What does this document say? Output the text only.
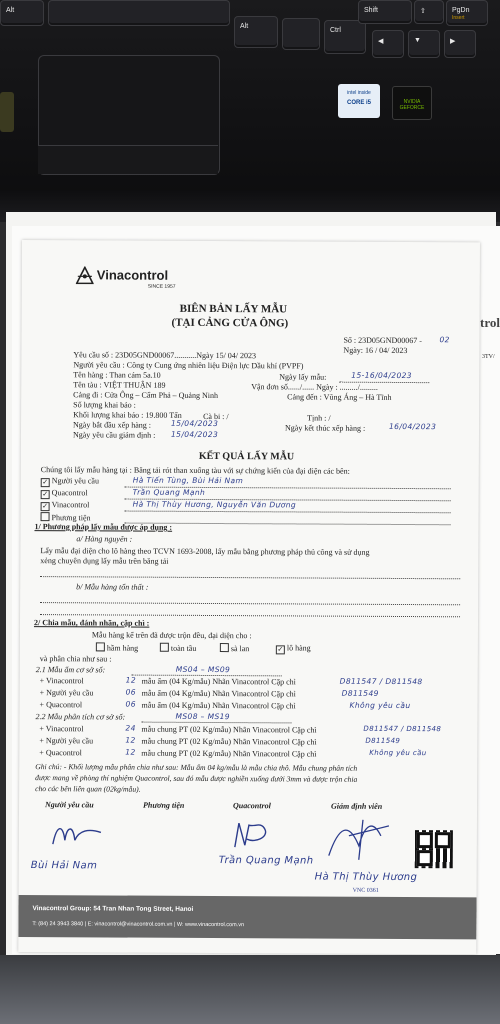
Alt
Alt
Ctrl
Shift	⇧	PgDn
Insert
◀	▼	▶
intel inside
CORE i5	NVIDIA GEFORCE
trol
3TV/
Vinacontrol
SINCE 1957
BIÊN BẢN LẤY MẪU
(TẠI CẢNG CỬA ÔNG)
Số : 23D05GND00067 - 02
Ngày: 16 / 04/ 2023
Yêu cầu số : 23D05GND00067...........Ngày 15/ 04/ 2023
Người yêu cầu : Công ty Cung ứng nhiên liệu Điện lực Dầu khí (PVPF)
Tên hàng : Than cám 5a.10	Ngày lấy mẫu:	15-16/04/2023
Tên tàu : VIỆT THUẬN 189	Vận đơn số....../...... Ngày : ........./.........
Cảng đi : Cửa Ông – Cẩm Phả – Quảng Ninh	Cảng đến : Vũng Áng – Hà Tĩnh
Số lượng khai báo :
Khối lượng khai báo : 19.800 Tấn	Cà bi : /	Tịnh : /
Ngày bắt đầu xếp hàng :	15/04/2023	Ngày kết thúc xếp hàng :	16/04/2023
Ngày yêu cầu giám định : 15/04/2023
KẾT QUẢ LẤY MẪU
Chúng tôi lấy mẫu hàng tại : Băng tải rót than xuống tàu với sự chứng kiến của đại diện các bên:
✓ Người yêu cầu	Hà Tiến Tùng, Bùi Hải Nam
✓ Quacontrol	Trần Quang Mạnh
✓ Vinacontrol	Hà Thị Thùy Hương, Nguyễn Văn Dương
Phương tiện
1/ Phương pháp lấy mẫu được áp dụng :
a/ Hàng nguyên :
Lấy mẫu đại diện cho lô hàng theo TCVN 1693-2008, lấy mẫu bằng phương pháp thủ công và sử dụng
xẻng chuyên dụng lấy mẫu trên băng tải
b/ Mẫu hàng tổn thất :
2/ Chia mẫu, đánh nhãn, cặp chì :
Mẫu hàng kể trên đã được trộn đều, đại diện cho :
hầm hàng	toàn tầu	sà lan	✓ lô hàng
và phân chia như sau :
2.1 Mẫu ẩm cơ sở số:	MS04 – MS09
+ Vinacontrol	12 mẫu ẩm (04 Kg/mẫu) Nhãn Vinacontrol Cặp chì	D811547 / D811548
+ Người yêu cầu	06 mẫu ẩm (04 Kg/mẫu) Nhãn Vinacontrol Cặp chì	D811549
+ Quacontrol	06 mẫu ẩm (04 Kg/mẫu) Nhãn Vinacontrol Cặp chì	Không yêu cầu
2.2 Mẫu phân tích cơ sở số:	MS08 – MS19
+ Vinacontrol	24 mẫu chung PT (02 Kg/mẫu) Nhãn Vinacontrol Cặp chì	D811547 / D811548
+ Người yêu cầu	12 mẫu chung PT (02 Kg/mẫu) Nhãn Vinacontrol Cặp chì	D811549
+ Quacontrol	12 mẫu chung PT (02 Kg/mẫu) Nhãn Vinacontrol Cặp chì	Không yêu cầu
Ghi chú: - Khối lượng mẫu phân chia như sau: Mẫu ẩm 04 kg/mẫu là mẫu chia thô. Mẫu chung phân tích
được mang về phòng thí nghiệm Quacontrol, sau đó mẫu được nghiền xuống dưới 3mm và được trộn chia
cho các bên liên quan (02kg/mẫu).
Người yêu cầu	Phương tiện	Quacontrol	Giám định viên
Bùi Hải Nam	Trần Quang Mạnh
Hà Thị Thùy Hương
VNC 0361
Vinacontrol Group: 54 Tran Nhan Tong Street, Hanoi
T: (84) 24 3943 3840 | E: vinacontrol@vinacontrol.com.vn | W: www.vinacontrol.com.vn
